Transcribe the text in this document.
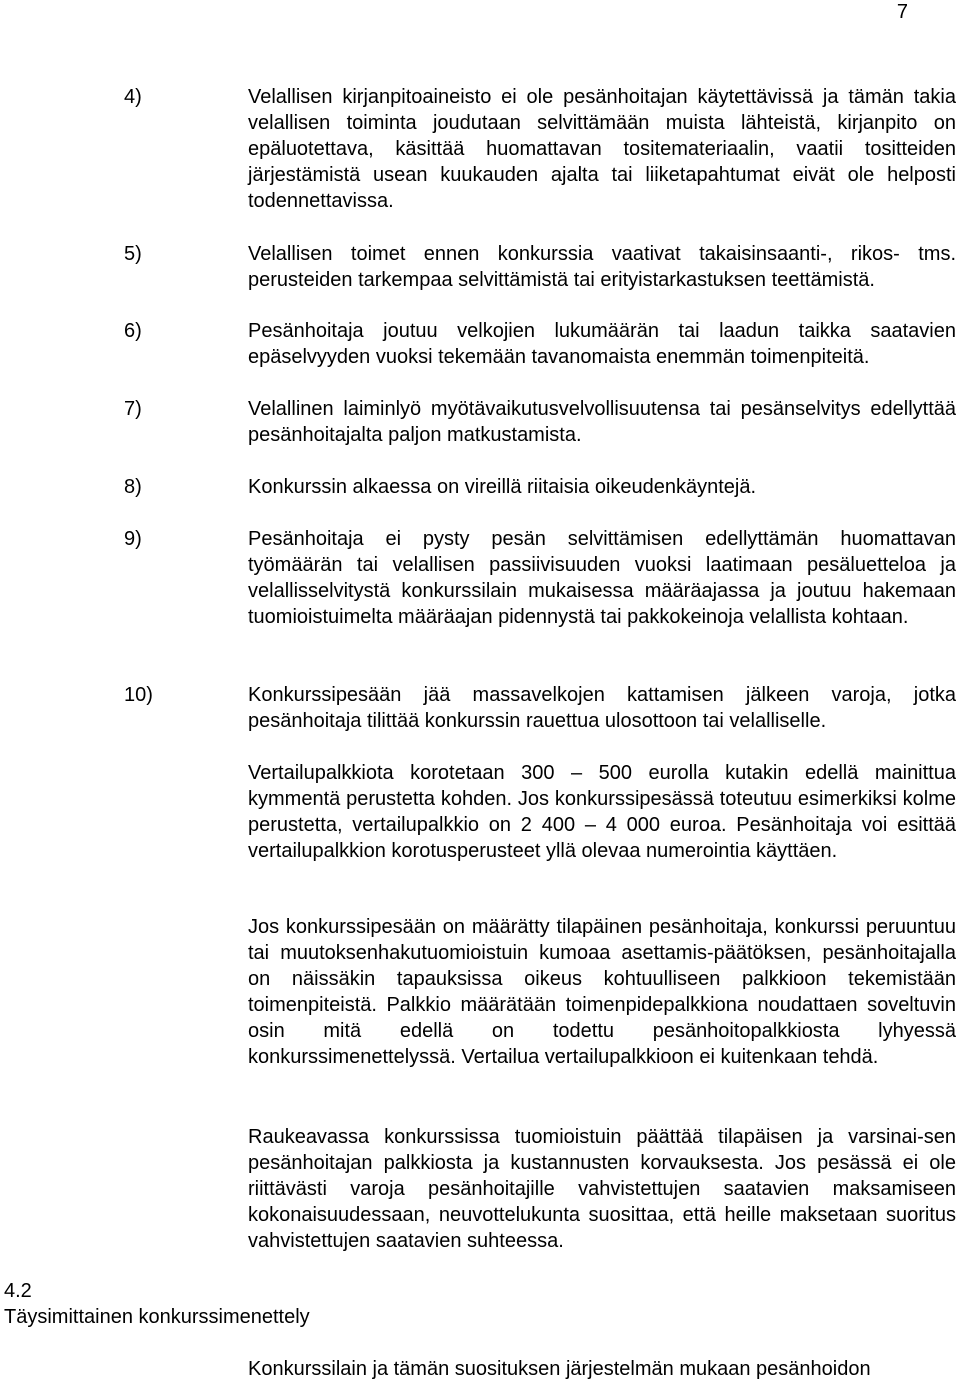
7
4)	Velallisen kirjanpitoaineisto ei ole pesänhoitajan käytettävissä ja tämän takia velallisen toiminta joudutaan selvittämään muista lähteistä, kirjanpito on epäluotettava, käsittää huomattavan tositemateriaalin, vaatii tositteiden järjestämistä usean kuukauden ajalta tai liiketapahtumat eivät ole helposti todennettavissa.
5)	Velallisen toimet ennen konkurssia vaativat takaisinsaanti-, rikos- tms. perusteiden tarkempaa selvittämistä tai erityistarkastuksen teettämistä.
6)	Pesänhoitaja joutuu velkojien lukumäärän tai laadun taikka saatavien epäselvyyden vuoksi tekemään tavanomaista enemmän toimenpiteitä.
7)	Velallinen laiminlyö myötävaikutusvelvollisuutensa tai pesänselvitys edellyttää pesänhoitajalta paljon matkustamista.
8)	Konkurssin alkaessa on vireillä riitaisia oikeudenkäyntejä.
9)	Pesänhoitaja ei pysty pesän selvittämisen edellyttämän huomattavan työmäärän tai velallisen passiivisuuden vuoksi laatimaan pesäluetteloa ja velallisselvitystä konkurssilain mukaisessa määräajassa ja joutuu hakemaan tuomioistuimelta määräajan pidennystä tai pakkokeinoja velallista kohtaan.
10)	Konkurssipesään jää massavelkojen kattamisen jälkeen varoja, jotka pesänhoitaja tilittää konkurssin rauettua ulosottoon tai velalliselle.
Vertailupalkkiota korotetaan 300 – 500 eurolla kutakin edellä mainittua kymmentä perustetta kohden. Jos konkurssipesässä toteutuu esimerkiksi kolme perustetta, vertailupalkkio on 2 400 – 4 000 euroa. Pesänhoitaja voi esittää vertailupalkkion korotusperusteet yllä olevaa numerointia käyttäen.
Jos konkurssipesään on määrätty tilapäinen pesänhoitaja, konkurssi peruuntuu tai muutoksenhakutuomioistuin kumoaa asettamis-päätöksen, pesänhoitajalla on näissäkin tapauksissa oikeus kohtuulliseen palkkioon tekemistään toimenpiteistä. Palkkio määrätään toimenpidepalkkiona noudattaen soveltuvin osin mitä edellä on todettu pesänhoitopalkkiosta lyhyessä konkurssimenettelyssä. Vertailua vertailupalkkioon ei kuitenkaan tehdä.
Raukeavassa konkurssissa tuomioistuin päättää tilapäisen ja varsinai-sen pesänhoitajan palkkiosta ja kustannusten korvauksesta. Jos pesässä ei ole riittävästi varoja pesänhoitajille vahvistettujen saatavien maksamiseen kokonaisuudessaan, neuvottelukunta suosittaa, että heille maksetaan suoritus vahvistettujen saatavien suhteessa.
4.2
Täysimittainen konkurssimenettely
Konkurssilain ja tämän suosituksen järjestelmän mukaan pesänhoidon
